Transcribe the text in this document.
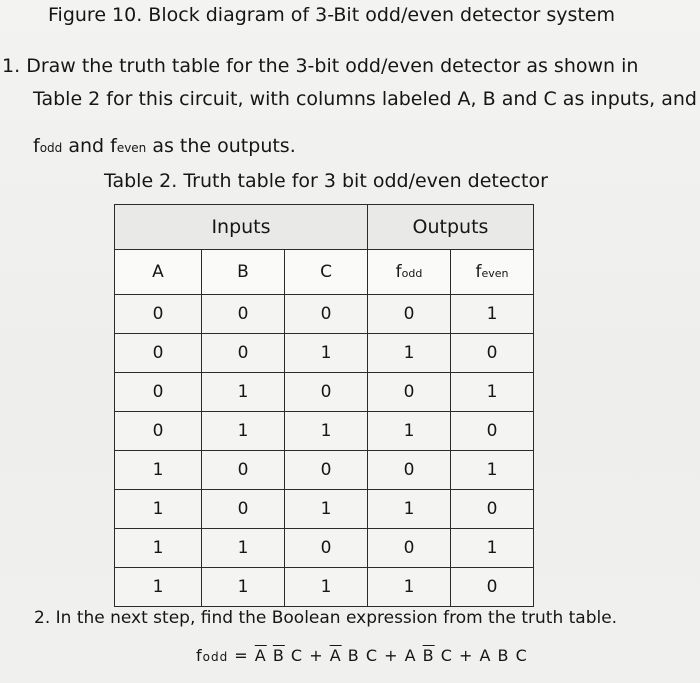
Figure 10. Block diagram of 3-Bit odd/even detector system
1. Draw the truth table for the 3-bit odd/even detector as shown in
Table 2 for this circuit, with columns labeled A, B and C as inputs, and
fodd and feven as the outputs.
Table 2. Truth table for 3 bit odd/even detector
Inputs			Outputs	
A	B	C	fodd	feven
0	0	0	0	1
0	0	1	1	0
0	1	0	0	1
0	1	1	1	0
1	0	0	0	1
1	0	1	1	0
1	1	0	0	1
1	1	1	1	0
2. In the next step, find the Boolean expression from the truth table.
fodd = $\overline{A}$ $\overline{B}$ $C + \overline{A}$ B C + A $\overline{B}$ C + A B C
